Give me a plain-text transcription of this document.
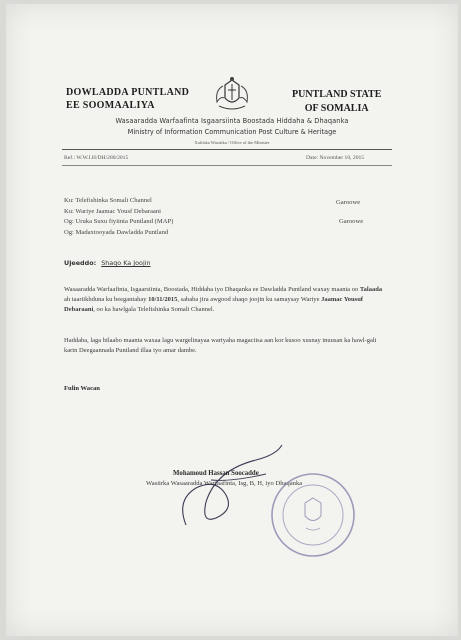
DOWLADDA PUNTLAND
EE SOOMAALIYA
PUNTLAND STATE
OF SOMALIA
Wasaaradda Warfaafinta Isgaarsiinta Boostada Hiddaha & Dhaqanka
Ministry of Information Communication Post Culture & Heritage
Xafiiska Wasiirka / Office of the Minister
Ref.: W.W.I.H/DH/280/2015	Date: November 10, 2015
Ku: Telefishinka Somali Channel
Ku: Wariye Jaamac Yousf Debaraani
Og: Uruka Suxu fiyiinta Puntland (MAP)
Og: Madaxtooyada Dawladda Puntland
Garoowe
Garoowe
Ujeeddo: Shaqo Ka Joojin
Wasaaradda Warfaafinta, Isgaarsiinta, Boostada, Hiddaha iyo Dhaqanka ee Dawladda Puntland waxay maanta oo Talaada ah taariikhduna ku beegantahay 10/11/2015, sababa jira awgood shaqo joojin ku samaysay Wariye Jaamac Yousuf Debaraani, oo ka hawlgala Telefishinka Somali Channel.
Haddaba, laga bilaabo maanta waxaa lagu wargelinayaa wariyaha magaciisa aan kor kusoo xusnay inuusan ka hawl-gali karin Deegaannada Puntland illaa iyo amar dambe.
Fulin Wacan
Mohamoud Hassan Soocadde
Wasiirka Wasaaradda Warfaafinta, Isg, B, H, iyo Dhaqanka
